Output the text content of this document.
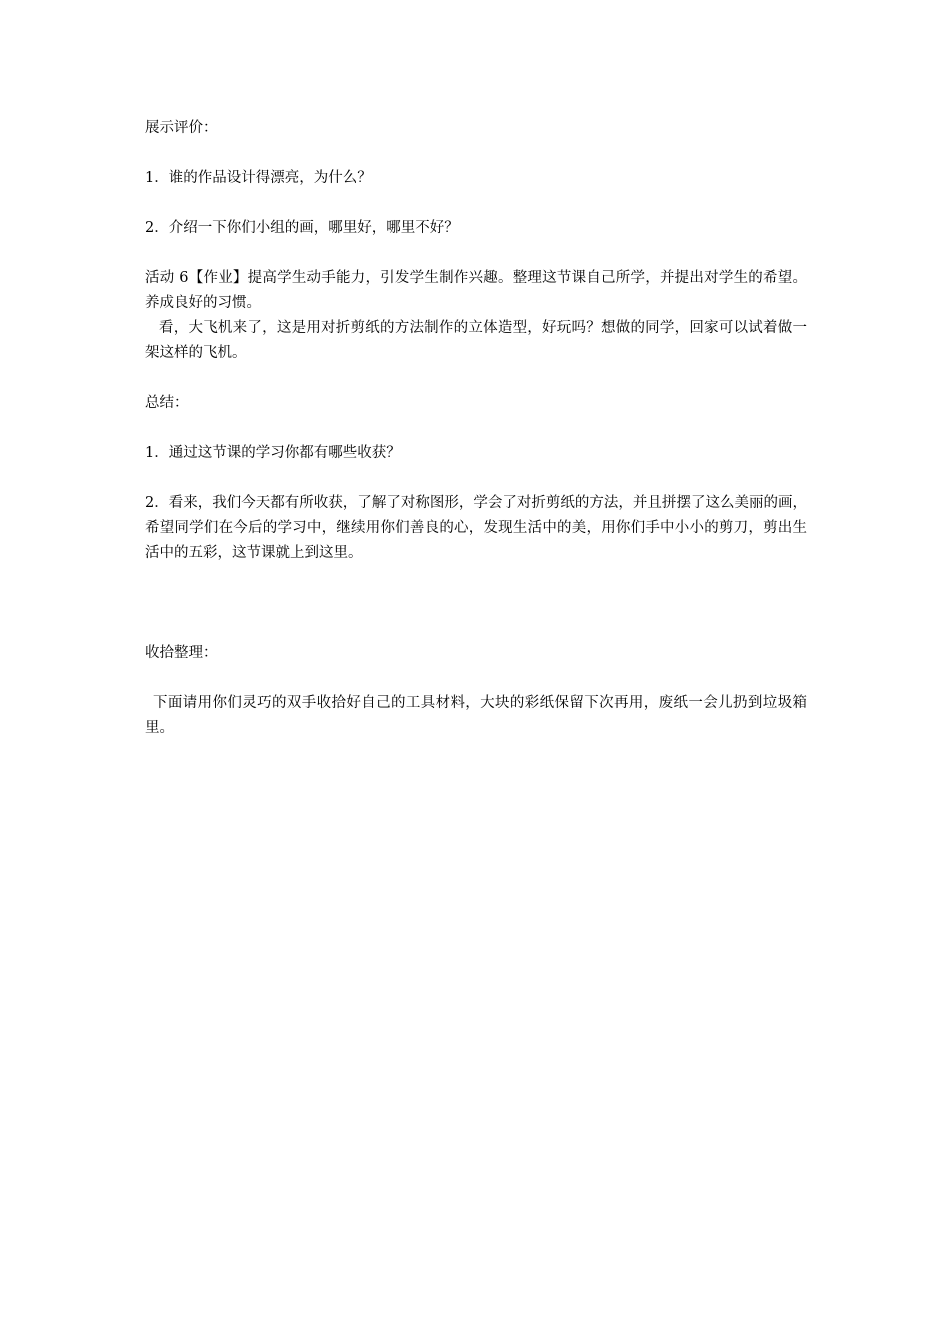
展示评价：

1．谁的作品设计得漂亮，为什么？

2．介绍一下你们小组的画，哪里好，哪里不好？

活动 6【作业】提高学生动手能力，引发学生制作兴趣。整理这节课自己所学，并提出对学生的希望。养成良好的习惯。

看，大飞机来了，这是用对折剪纸的方法制作的立体造型，好玩吗？想做的同学，回家可以试着做一架这样的飞机。

总结：

1．通过这节课的学习你都有哪些收获？

2．看来，我们今天都有所收获，了解了对称图形，学会了对折剪纸的方法，并且拼摆了这么美丽的画，希望同学们在今后的学习中，继续用你们善良的心，发现生活中的美，用你们手中小小的剪刀，剪出生活中的五彩，这节课就上到这里。

收拾整理：

下面请用你们灵巧的双手收拾好自己的工具材料，大块的彩纸保留下次再用，废纸一会儿扔到垃圾箱里。
